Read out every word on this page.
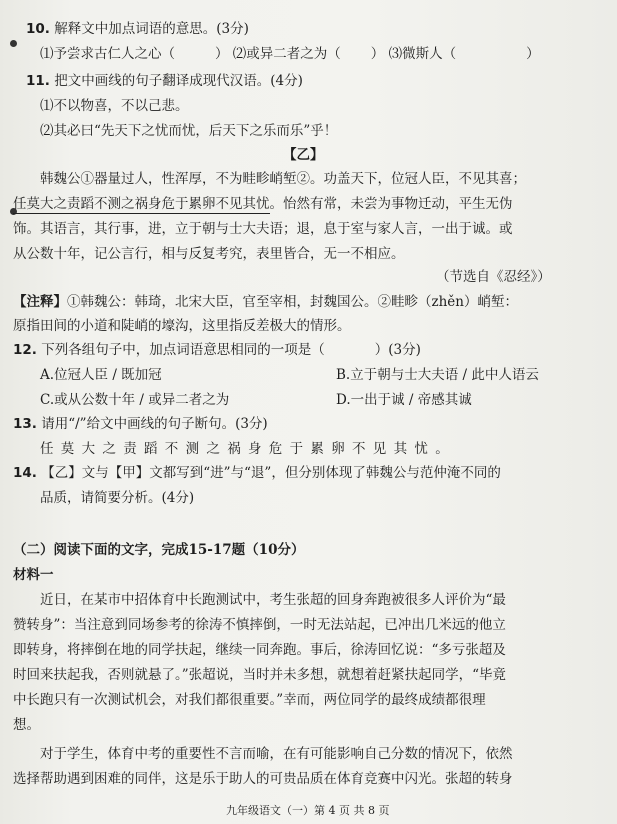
10. 解释文中加点词语的意思。(3分)
⑴予尝求古仁人之心（	） ⑵或异二者之为（ ） ⑶微斯人（	）
11. 把文中画线的句子翻译成现代汉语。(4分)
⑴不以物喜，不以己悲。
⑵其必曰“先天下之忧而忧，后天下之乐而乐”乎！
【乙】
韩魏公①器量过人，性浑厚，不为畦畛峭堑②。功盖天下，位冠人臣，不见其喜；
任莫大之责蹈不测之祸身危于累卵不见其忧。怡然有常，未尝为事物迁动，平生无伪
饰。其语言，其行事，进，立于朝与士大夫语；退，息于室与家人言，一出于诚。或
从公数十年，记公言行，相与反复考究，表里皆合，无一不相应。
（节选自《忍经》）
【注释】①韩魏公：韩琦，北宋大臣，官至宰相，封魏国公。②畦畛（zhěn）峭堑：
原指田间的小道和陡峭的壕沟，这里指反差极大的情形。
12. 下列各组句子中，加点词语意思相同的一项是（	）(3分)
A.位冠人臣 / 既加冠	B.立于朝与士大夫语 / 此中人语云
C.或从公数十年 / 或异二者之为	D.一出于诚 / 帝感其诚
13. 请用“/”给文中画线的句子断句。(3分)
任莫大之责蹈不测之祸身危于累卵不见其忧。
14. 【乙】文与【甲】文都写到“进”与“退”，但分别体现了韩魏公与范仲淹不同的
品质，请简要分析。(4分)
（二）阅读下面的文字，完成15-17题（10分）
材料一
近日，在某市中招体育中长跑测试中，考生张超的回身奔跑被很多人评价为“最
赞转身”：当注意到同场参考的徐涛不慎摔倒，一时无法站起，已冲出几米远的他立
即转身，将摔倒在地的同学扶起，继续一同奔跑。事后，徐涛回忆说：“多亏张超及
时回来扶起我，否则就悬了。”张超说，当时并未多想，就想着赶紧扶起同学，“毕竟
中长跑只有一次测试机会，对我们都很重要。”幸而，两位同学的最终成绩都很理
想。
对于学生，体育中考的重要性不言而喻，在有可能影响自己分数的情况下，依然
选择帮助遇到困难的同伴，这是乐于助人的可贵品质在体育竞赛中闪光。张超的转身
九年级语文（一）第 4 页 共 8 页
